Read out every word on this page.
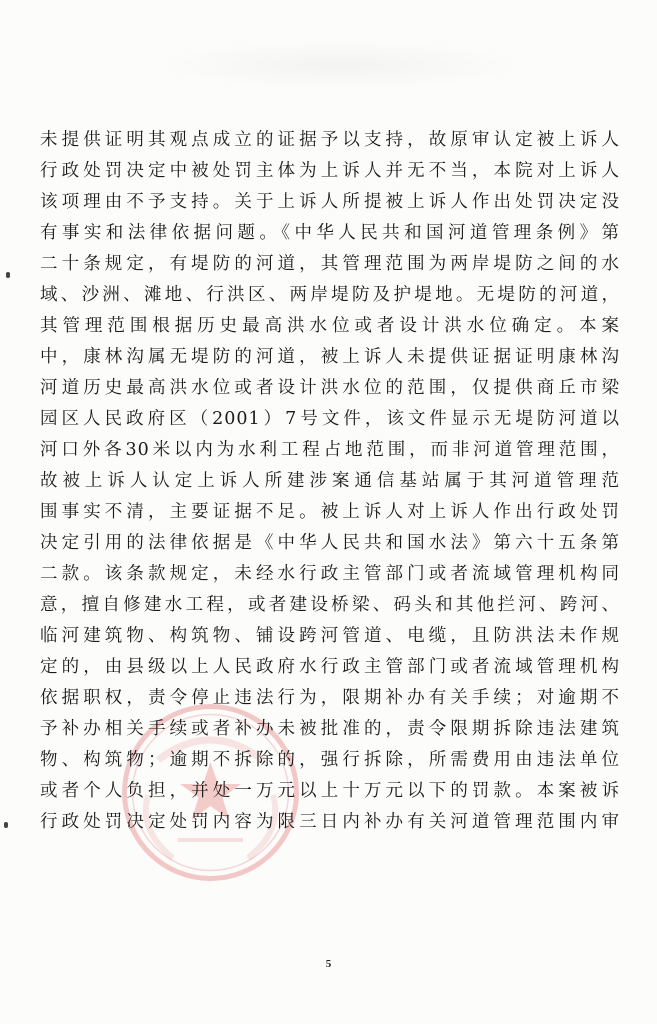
未提供证明其观点成立的证据予以支持，故原审认定被上诉人
行政处罚决定中被处罚主体为上诉人并无不当，本院对上诉人
该项理由不予支持。关于上诉人所提被上诉人作出处罚决定没
有事实和法律依据问题。《中华人民共和国河道管理条例》第
二十条规定，有堤防的河道，其管理范围为两岸堤防之间的水
域、沙洲、滩地、行洪区、两岸堤防及护堤地。无堤防的河道，
其管理范围根据历史最高洪水位或者设计洪水位确定。本案
中，康林沟属无堤防的河道，被上诉人未提供证据证明康林沟
河道历史最高洪水位或者设计洪水位的范围，仅提供商丘市梁
园区人民政府区（2001）7号文件，该文件显示无堤防河道以
河口外各30米以内为水利工程占地范围，而非河道管理范围，
故被上诉人认定上诉人所建涉案通信基站属于其河道管理范
围事实不清，主要证据不足。被上诉人对上诉人作出行政处罚
决定引用的法律依据是《中华人民共和国水法》第六十五条第
二款。该条款规定，未经水行政主管部门或者流域管理机构同
意，擅自修建水工程，或者建设桥梁、码头和其他拦河、跨河、
临河建筑物、构筑物、铺设跨河管道、电缆，且防洪法未作规
定的，由县级以上人民政府水行政主管部门或者流域管理机构
依据职权，责令停止违法行为，限期补办有关手续；对逾期不
予补办相关手续或者补办未被批准的，责令限期拆除违法建筑
物、构筑物；逾期不拆除的，强行拆除，所需费用由违法单位
或者个人负担，并处一万元以上十万元以下的罚款。本案被诉
行政处罚决定处罚内容为限三日内补办有关河道管理范围内审
5
